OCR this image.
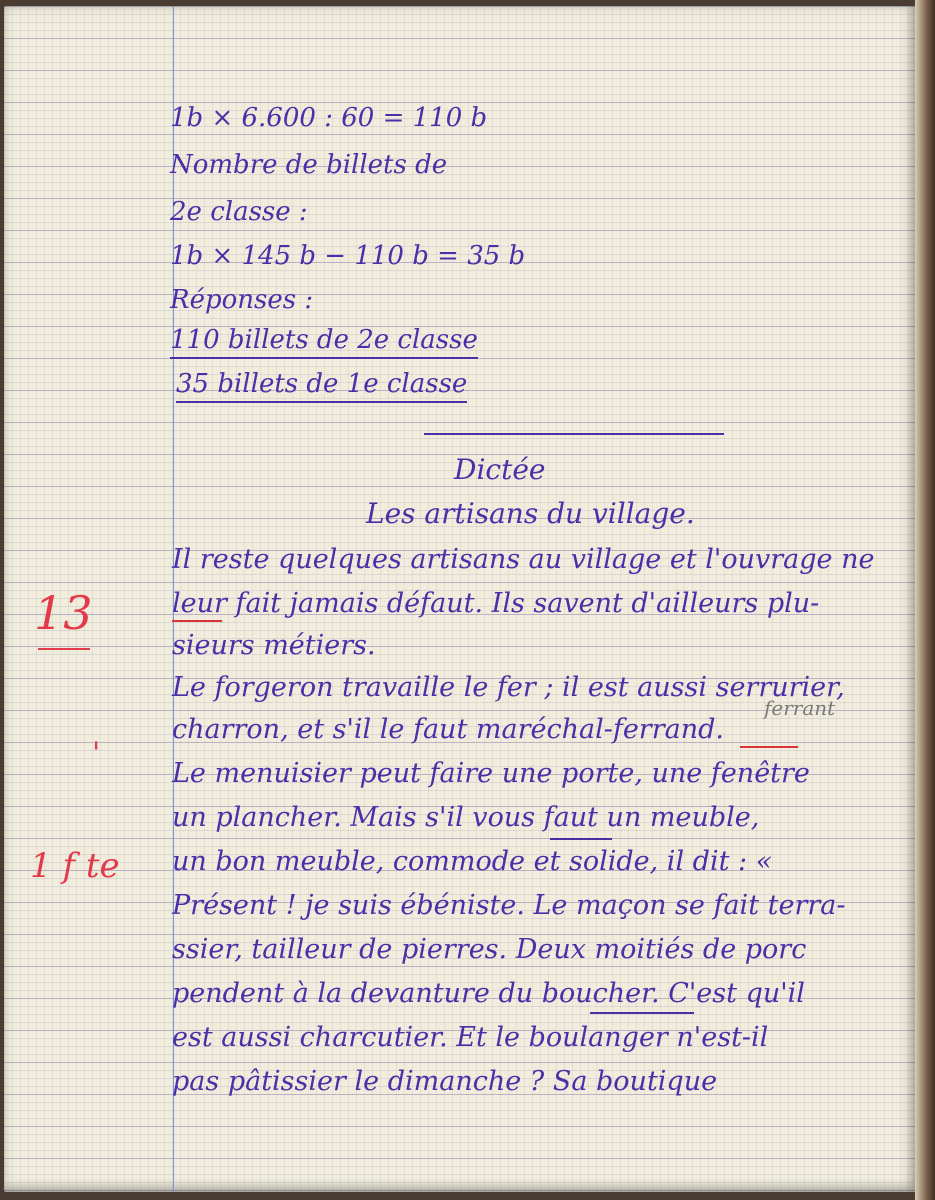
1b × 6.600 : 60 = 110 b

Nombre de billets de

2e classe :

1b × 145 b − 110 b = 35 b

Réponses :

110 billets de 2e classe

35 billets de 1e classe

Dictée

Les artisans du village.

Il reste quelques artisans au village et l'ouvrage ne

leur fait jamais défaut. Ils savent d'ailleurs plu-

sieurs métiers.

Le forgeron travaille le fer ; il est aussi serrurier,

charron, et s'il le faut maréchal-ferrand.

Le menuisier peut faire une porte, une fenêtre

un plancher. Mais s'il vous faut un meuble,

un bon meuble, commode et solide, il dit : «

Présent ! je suis ébéniste. Le maçon se fait terra-

ssier, tailleur de pierres. Deux moitiés de porc

pendent à la devanture du boucher. C'est qu'il

est aussi charcutier. Et le boulanger n'est-il

pas pâtissier le dimanche ? Sa boutique

ferrant
13
'
1 f te
